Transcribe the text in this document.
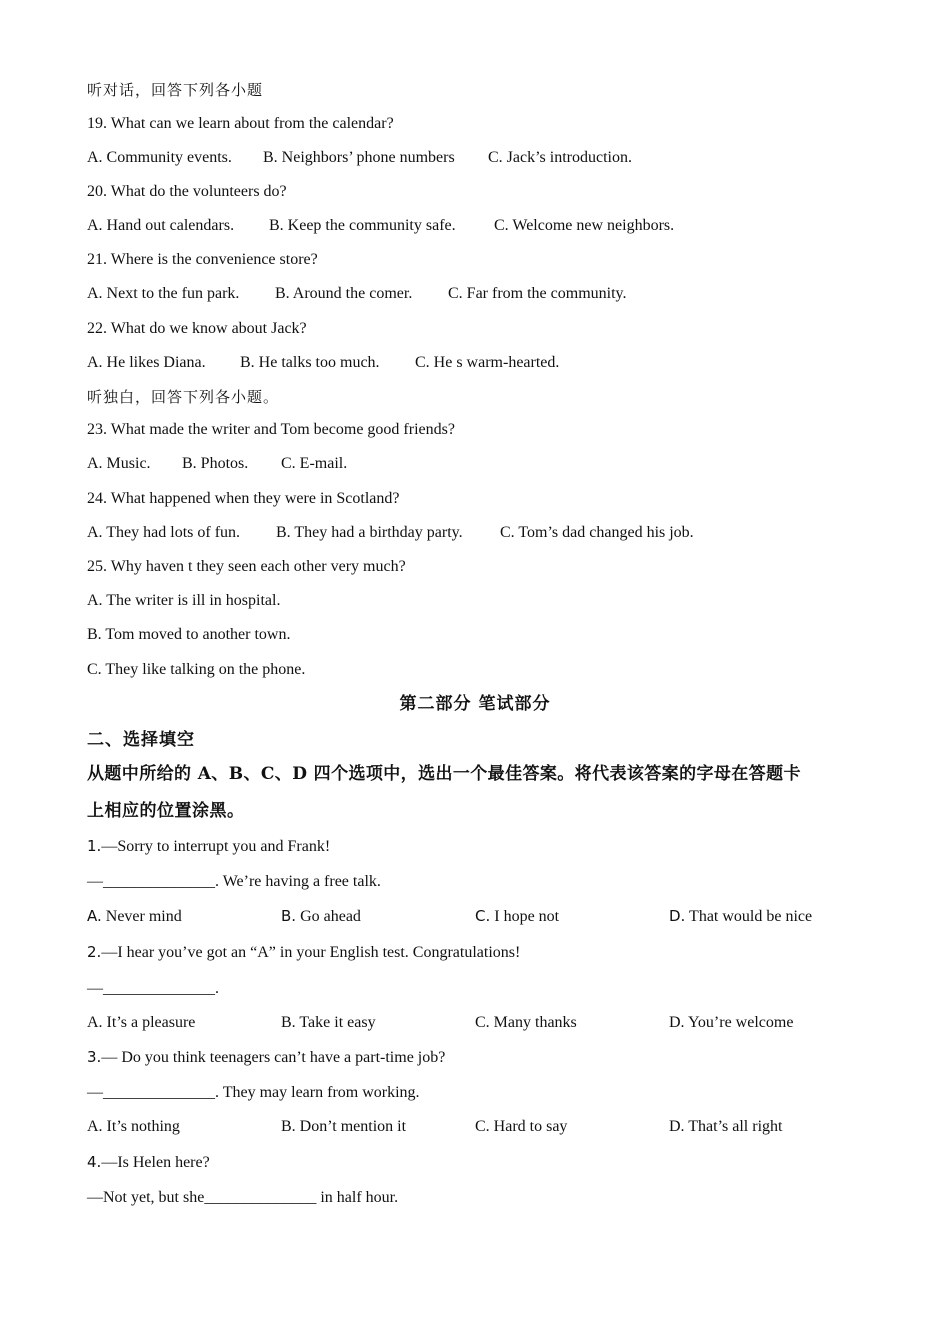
听对话，回答下列各小题
19. What can we learn about from the calendar?
A. Community events. B. Neighbors’ phone numbers C. Jack’s introduction.
20. What do the volunteers do?
A. Hand out calendars. B. Keep the community safe. C. Welcome new neighbors.
21. Where is the convenience store?
A. Next to the fun park. B. Around the comer. C. Far from the community.
22. What do we know about Jack?
A. He likes Diana. B. He talks too much. C. He s warm-hearted.
听独白，回答下列各小题。
23. What made the writer and Tom become good friends?
A. Music. B. Photos. C. E-mail.
24. What happened when they were in Scotland?
A. They had lots of fun. B. They had a birthday party. C. Tom’s dad changed his job.
25. Why haven t they seen each other very much?
A. The writer is ill in hospital.
B. Tom moved to another town.
C. They like talking on the phone.
第二部分 笔试部分
二、选择填空
从题中所给的 A、B、C、D 四个选项中，选出一个最佳答案。将代表该答案的字母在答题卡
上相应的位置涂黑。
1.—Sorry to interrupt you and Frank!
—______________. We’re having a free talk.
A. Never mind	B. Go ahead	C. I hope not	D. That would be nice
2.—I hear you’ve got an “A” in your English test. Congratulations!
—______________.
A. It’s a pleasure	B. Take it easy	C. Many thanks	D. You’re welcome
3.— Do you think teenagers can’t have a part-time job?
—______________. They may learn from working.
A. It’s nothing	B. Don’t mention it	C. Hard to say	D. That’s all right
4.—Is Helen here?
—Not yet, but she______________ in half hour.
